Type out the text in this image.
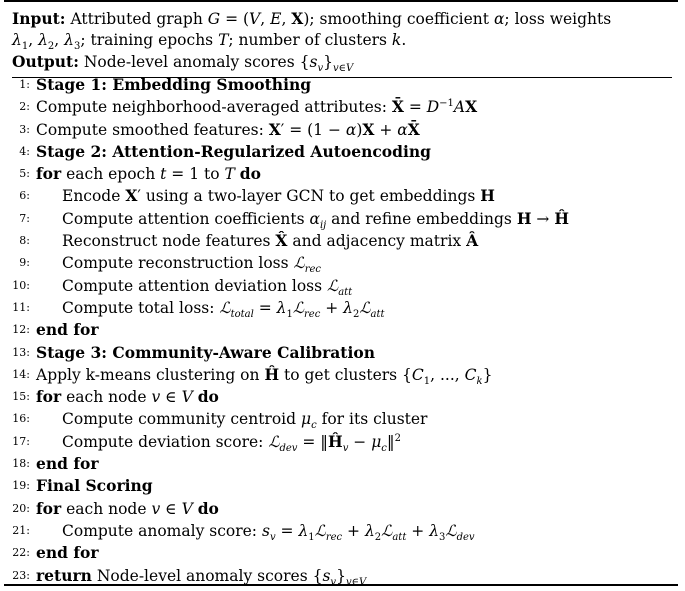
Input: Attributed graph G = (V, E, X); smoothing coefficient α; loss weights
$\lambda_1$, $\lambda_2$, $\lambda_3$; training epochs T; number of clusters k.
Output: Node-level anomaly scores $\{s_v\}_{v\in V}$
1: Stage 1: Embedding Smoothing
2: Compute neighborhood-averaged attributes: X̄ = $D^{-1}AX$
3: Compute smoothed features: X′ = (1 − α)X + αX̄
4: Stage 2: Attention-Regularized Autoencoding
5: for each epoch t = 1 to T do
6: Encode X′ using a two-layer GCN to get embeddings H
7: Compute attention coefficients $\alpha_{ij}$ and refine embeddings H → Ĥ
8: Reconstruct node features X̂ and adjacency matrix Â
9: Compute reconstruction loss ℒ$_{rec}$
10: Compute attention deviation loss ℒ$_{att}$
11: Compute total loss: ℒ$_{total}$ = $\lambda_1ℒ_{rec}$ + $\lambda_2ℒ_{att}$
12: end for
13: Stage 3: Community-Aware Calibration
14: Apply k-means clustering on Ĥ to get clusters {$C_1$, ..., $C_k$}
15: for each node v ∈ V do
16: Compute community centroid $\mu_c$ for its cluster
17: Compute deviation score: ℒ$_{dev}$ = $‖Ĥ_v$ − $\mu_c‖^2$
18: end for
19: Final Scoring
20: for each node v ∈ V do
21: Compute anomaly score: $s_v$ = $\lambda_1ℒ_{rec}$ + $\lambda_2ℒ_{att}$ + $\lambda_3ℒ_{dev}$
22: end for
23: return Node-level anomaly scores $\{s_v\}_{v\in V}$
